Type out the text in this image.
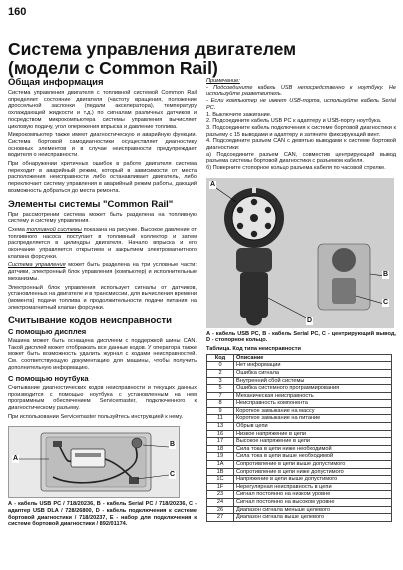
160
Система управления двигателем
(модели с Common Rail)
Общая информация

Система управления двигателя с топливной системой Common Rail определяет состояние двигателя (частоту вращения, положение дроссельной заслонки (педали акселератора), температуру охлаждающей жидкости и т.д.) по сигналам различных датчиков и посредством микрокомпьютера системы управления вычисляет цикловую подачу, угол опережения впрыска и давление топлива.

Микрокомпьютер также имеет диагностическую и аварийную функции. Система бортовой самодиагностики осуществляет диагностику основных элементов и в случае неисправности предупреждает водителя о неисправности.

При обнаружении критичных ошибок в работе двигателя система переходит в аварийный режим, который в зависимости от места расположения неисправности либо останавливает двигатель, либо переключает систему управления в аварийный режим работы, дающий возможность добраться до места ремонта.

Элементы системы "Common Rail"

При рассмотрении система может быть разделена на топливную систему и систему управления.

Схема топливной системы показана на рисунке. Высокое давление от топливного насоса поступает в топливный коллектор и затем распределяется в цилиндры двигателя. Начало впрыска и его окончание управляется открытием и закрытием электромагнитного клапана форсунки.

Система управления может быть разделена на три условные части: датчики, электронный блок управления (компьютер) и исполнительные механизмы.

Электронный блок управления использует сигналы от датчиков, установленных на двигателе и в трансмиссии, для вычисления времени (момента) подачи топлива и продолжительности подачи питания на электромагнитный клапан форсунки.

Считывание кодов неисправности
С помощью дисплея

Машина может быть оснащена дисплеем с поддержкой шины CAN. Такой дисплей может отображать все данные кодов. У оператора также может быть возможность удалить журнал с кодами неисправностей. См. соответствующую документацию для машины, чтобы получить дополнительную информацию.

С помощью ноутбука

Считывание диагностических кодов неисправности и текущих данных производится с помощью ноутбука с установленным на нем программным обеспечением Servicemaster, подключенного к диагностическому разъему.

При использовании Servicemaster пользуйтесь инструкцией к нему.

A
B
C
А - кабель USB PC / 718/20236, B - кабель Serial PC / 718/20236, C - адаптер USB DLA / 728/26800, D - кабель подключения к системе бортовой диагностики / 718/20237, E - набор для подключения к системе бортовой диагностики / 892/01174.

Примечание:

- Подсоедините кабель USB непосредственно к ноутбуку. Не используйте разветвитель.

- Если компьютер не имеет USB-порта, используйте кабель Serial PC.

1. Выключите зажигание.

2. Подсоедините кабель USB PC к адаптеру и USB-порту ноутбука.

3. Подсоедините кабель подключения к системе бортовой диагностики к разъему с 15 выводами и адаптеру и затяните фиксирующий винт.

4. Подсоедините разъем CAN с девятью выводами к системе бортовой диагностики:

а) Подсоедините разъем CAN, совместив центрирующий вывод разъема системы бортовой диагностики с разъемом кабеля.

б) Поверните стопорное кольцо разъема кабеля по часовой стрелке.

A
B
C
D
А - кабель USB PC, B - кабель Serial PC, C - центрирующий вывод, D - стопорное кольцо.
Таблица. Код типа неисправности
Код	Описание
0	Нет информации
2	Ошибка сигнала
3	Внутренний сбой системы
5	Ошибка системного программирования
7	Механическая неисправность
8	Неисправность компонента
9	Короткое замыкание на массу
11	Короткое замыкание на питание
13	Обрыв цепи
16	Низкое напряжение в цепи
17	Высокое напряжение в цепи
18	Сила тока в цепи ниже необходимой
19	Сила тока в цепи выше необходимой
1А	Сопротивление в цепи выше допустимого
1B	Сопротивление в цепи ниже допустимого
1C	Напряжение в цепи выше допустимого
1F	Нерегулярная неисправность в цепи
23	Сигнал постоянно на низком уровне
24	Сигнал постоянно на высоком уровне
26	Диапазон сигнала меньше целевого
27	Диапазон сигнала выше целевого
